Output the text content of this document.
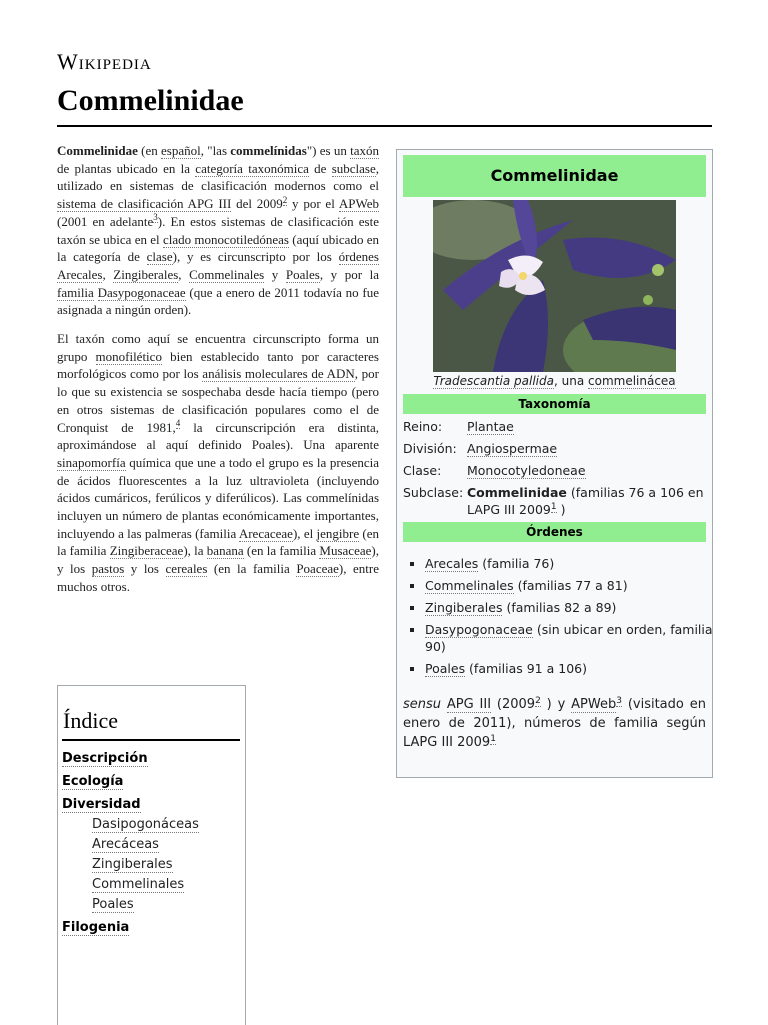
Wikipedia
Commelinidae

Commelinidae (en español, "las commelínidas") es un taxón de plantas ubicado en la categoría taxonómica de subclase, utilizado en sistemas de clasificación modernos como el sistema de clasificación APG III del 2009$^2$ y por el APWeb (2001 en adelante$^3$). En estos sistemas de clasificación este taxón se ubica en el clado monocotiledóneas (aquí ubicado en la categoría de clase), y es circunscripto por los órdenes Arecales, Zingiberales, Commelinales y Poales, y por la familia Dasypogonaceae (que a enero de 2011 todavía no fue asignada a ningún orden).

El taxón como aquí se encuentra circunscripto forma un grupo monofilético bien establecido tanto por caracteres morfológicos como por los análisis moleculares de ADN, por lo que su existencia se sospechaba desde hacía tiempo (pero en otros sistemas de clasificación populares como el de Cronquist de 1981,$^4$ la circunscripción era distinta, aproximándose al aquí definido Poales). Una aparente sinapomorfía química que une a todo el grupo es la presencia de ácidos fluorescentes a la luz ultravioleta (incluyendo ácidos cumáricos, ferúlicos y diferúlicos). Las commelínidas incluyen un número de plantas económicamente importantes, incluyendo a las palmeras (familia Arecaceae), el jengibre (en la familia Zingiberaceae), la banana (en la familia Musaceae), y los pastos y los cereales (en la familia Poaceae), entre muchos otros.

Índice
Descripción
Ecología
Diversidad
Dasipogonáceas
Arecáceas
Zingiberales
Commelinales
Poales
Filogenia
Commelinidae
Tradescantia pallida, una commelinácea
Taxonomía
Reino: Plantae
División: Angiospermae
Clase: Monocotyledoneae
Subclase: Commelinidae (familias 76 a 106 en LAPG III 2009$^1$ )
Órdenes
▪ Arecales (familia 76)
▪ Commelinales (familias 77 a 81)
▪ Zingiberales (familias 82 a 89)
▪ Dasypogonaceae (sin ubicar en orden, familia 90)
▪ Poales (familias 91 a 106)
sensu APG III (2009$^2$ ) y APWeb$^3$ (visitado en enero de 2011), números de familia según LAPG III 2009$^1$
